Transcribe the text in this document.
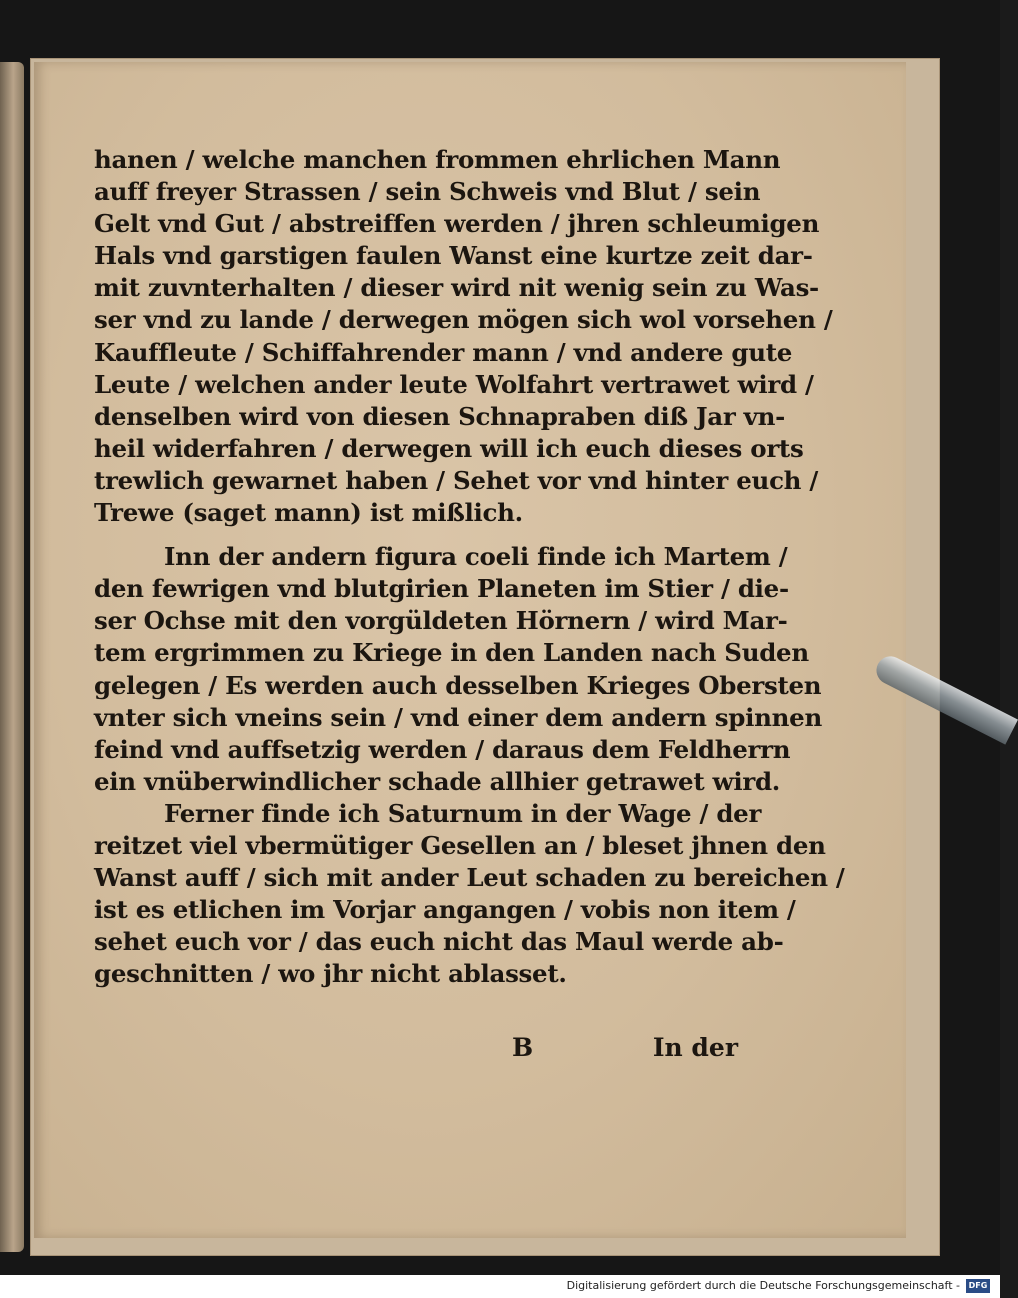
hanen / welche manchen frommen ehrlichen Mann
auff freyer Strassen / sein Schweis vnd Blut / sein
Gelt vnd Gut / abstreiffen werden / jhren schleumigen
Hals vnd garstigen faulen Wanst eine kurtze zeit dar-
mit zuvnterhalten / dieser wird nit wenig sein zu Was-
ser vnd zu lande / derwegen mögen sich wol vorsehen /
Kauffleute / Schiffahrender mann / vnd andere gute
Leute / welchen ander leute Wolfahrt vertrawet wird /
denselben wird von diesen Schnapraben diß Jar vn-
heil widerfahren / derwegen will ich euch dieses orts
trewlich gewarnet haben / Sehet vor vnd hinter euch /
Trewe (saget mann) ist mißlich.
Inn der andern figura coeli finde ich Martem /
den fewrigen vnd blutgirien Planeten im Stier / die-
ser Ochse mit den vorgüldeten Hörnern / wird Mar-
tem ergrimmen zu Kriege in den Landen nach Suden
gelegen / Es werden auch desselben Krieges Obersten
vnter sich vneins sein / vnd einer dem andern spinnen
feind vnd auffsetzig werden / daraus dem Feldherrn
ein vnüberwindlicher schade allhier getrawet wird.
Ferner finde ich Saturnum in der Wage / der
reitzet viel vbermütiger Gesellen an / bleset jhnen den
Wanst auff / sich mit ander Leut schaden zu bereichen /
ist es etlichen im Vorjar angangen / vobis non item /
sehet euch vor / das euch nicht das Maul werde ab-
geschnitten / wo jhr nicht ablasset.
B	In der
Digitalisierung gefördert durch die Deutsche Forschungsgemeinschaft -	DFG
